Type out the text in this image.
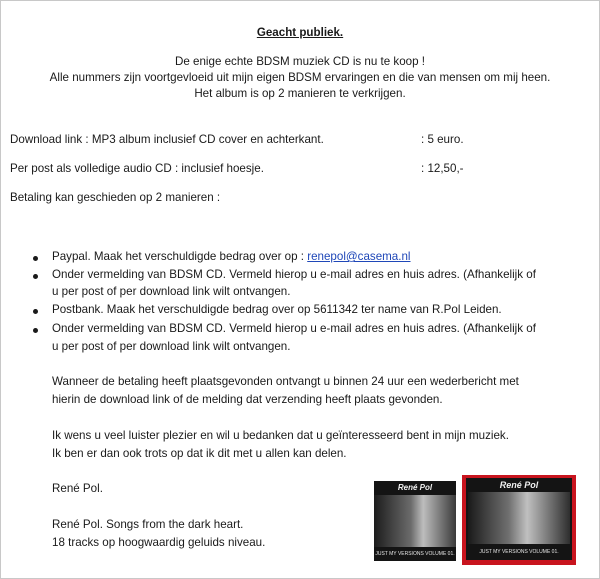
Geacht publiek.
De enige echte BDSM muziek CD is nu te koop !
Alle nummers zijn voortgevloeid uit mijn eigen BDSM ervaringen en die van mensen om mij heen.
Het album is op 2 manieren te verkrijgen.
Download link : MP3 album inclusief CD cover en achterkant.	: 5 euro.
Per post als volledige audio CD : inclusief hoesje.	: 12,50,-
Betaling kan geschieden op 2 manieren :
Paypal. Maak het verschuldigde bedrag over op : renepol@casema.nl
Onder vermelding van BDSM CD. Vermeld hierop u e-mail adres en huis adres. (Afhankelijk of
u per post of per download link wilt ontvangen.
Postbank. Maak het verschuldigde bedrag over op 5611342 ter name van R.Pol Leiden.
Onder vermelding van BDSM CD. Vermeld hierop u e-mail adres en huis adres. (Afhankelijk of
u per post of per download link wilt ontvangen.
Wanneer de betaling heeft plaatsgevonden ontvangt u binnen 24 uur een wederbericht met
hierin de download link of de melding dat verzending heeft plaats gevonden.
Ik wens u veel luister plezier en wil u bedanken dat u geïnteresseerd bent in mijn muziek.
Ik ben er dan ook trots op dat ik dit met u allen kan delen.
René Pol.
René Pol. Songs from the dark heart.
18 tracks op hoogwaardig geluids niveau.
René Pol
JUST MY VERSIONS VOLUME 01.
René Pol
JUST MY VERSIONS VOLUME 01.
